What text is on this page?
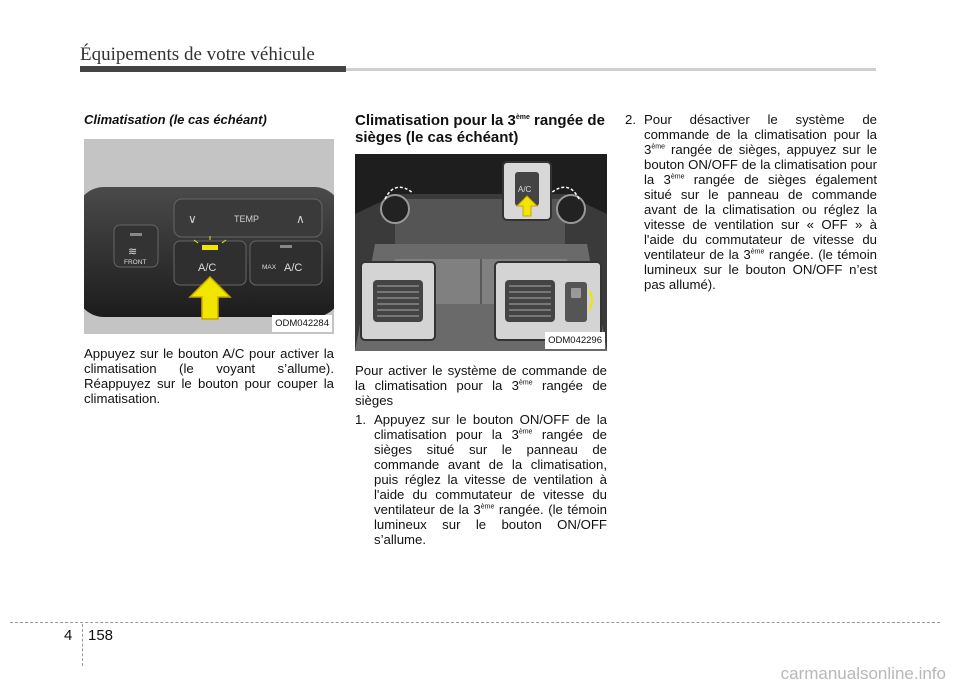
Équipements de votre véhicule
Climatisation (le cas échéant)
∨	TEMP	∧
≋
FRONT	A/C	MAX A/C
ODM042284

Appuyez sur le bouton A/C pour activer la climatisation (le voyant s’allume). Réappuyez sur le bouton pour couper la climatisation.

Climatisation pour la 3ème rangée de sièges (le cas échéant)
A/C
ODM042296

Pour activer le système de commande de la climatisation pour la 3ème rangée de sièges

1. Appuyez sur le bouton ON/OFF de la climatisation pour la 3ème rangée de sièges situé sur le panneau de commande avant de la climatisation, puis réglez la vitesse de ventilation à l'aide du commutateur de vitesse du ventilateur de la 3ème rangée. (le témoin lumineux sur le bouton ON/OFF s’allume.
2. Pour désactiver le système de commande de la climatisation pour la 3ème rangée de sièges, appuyez sur le bouton ON/OFF de la climatisation pour la 3ème rangée de sièges également situé sur le panneau de commande avant de la climatisation ou réglez la vitesse de ventilation sur « OFF » à l'aide du commutateur de vitesse du ventilateur de la 3ème rangée. (le témoin lumineux sur le bouton ON/OFF n’est pas allumé).
4 158
carmanualsonline.info
